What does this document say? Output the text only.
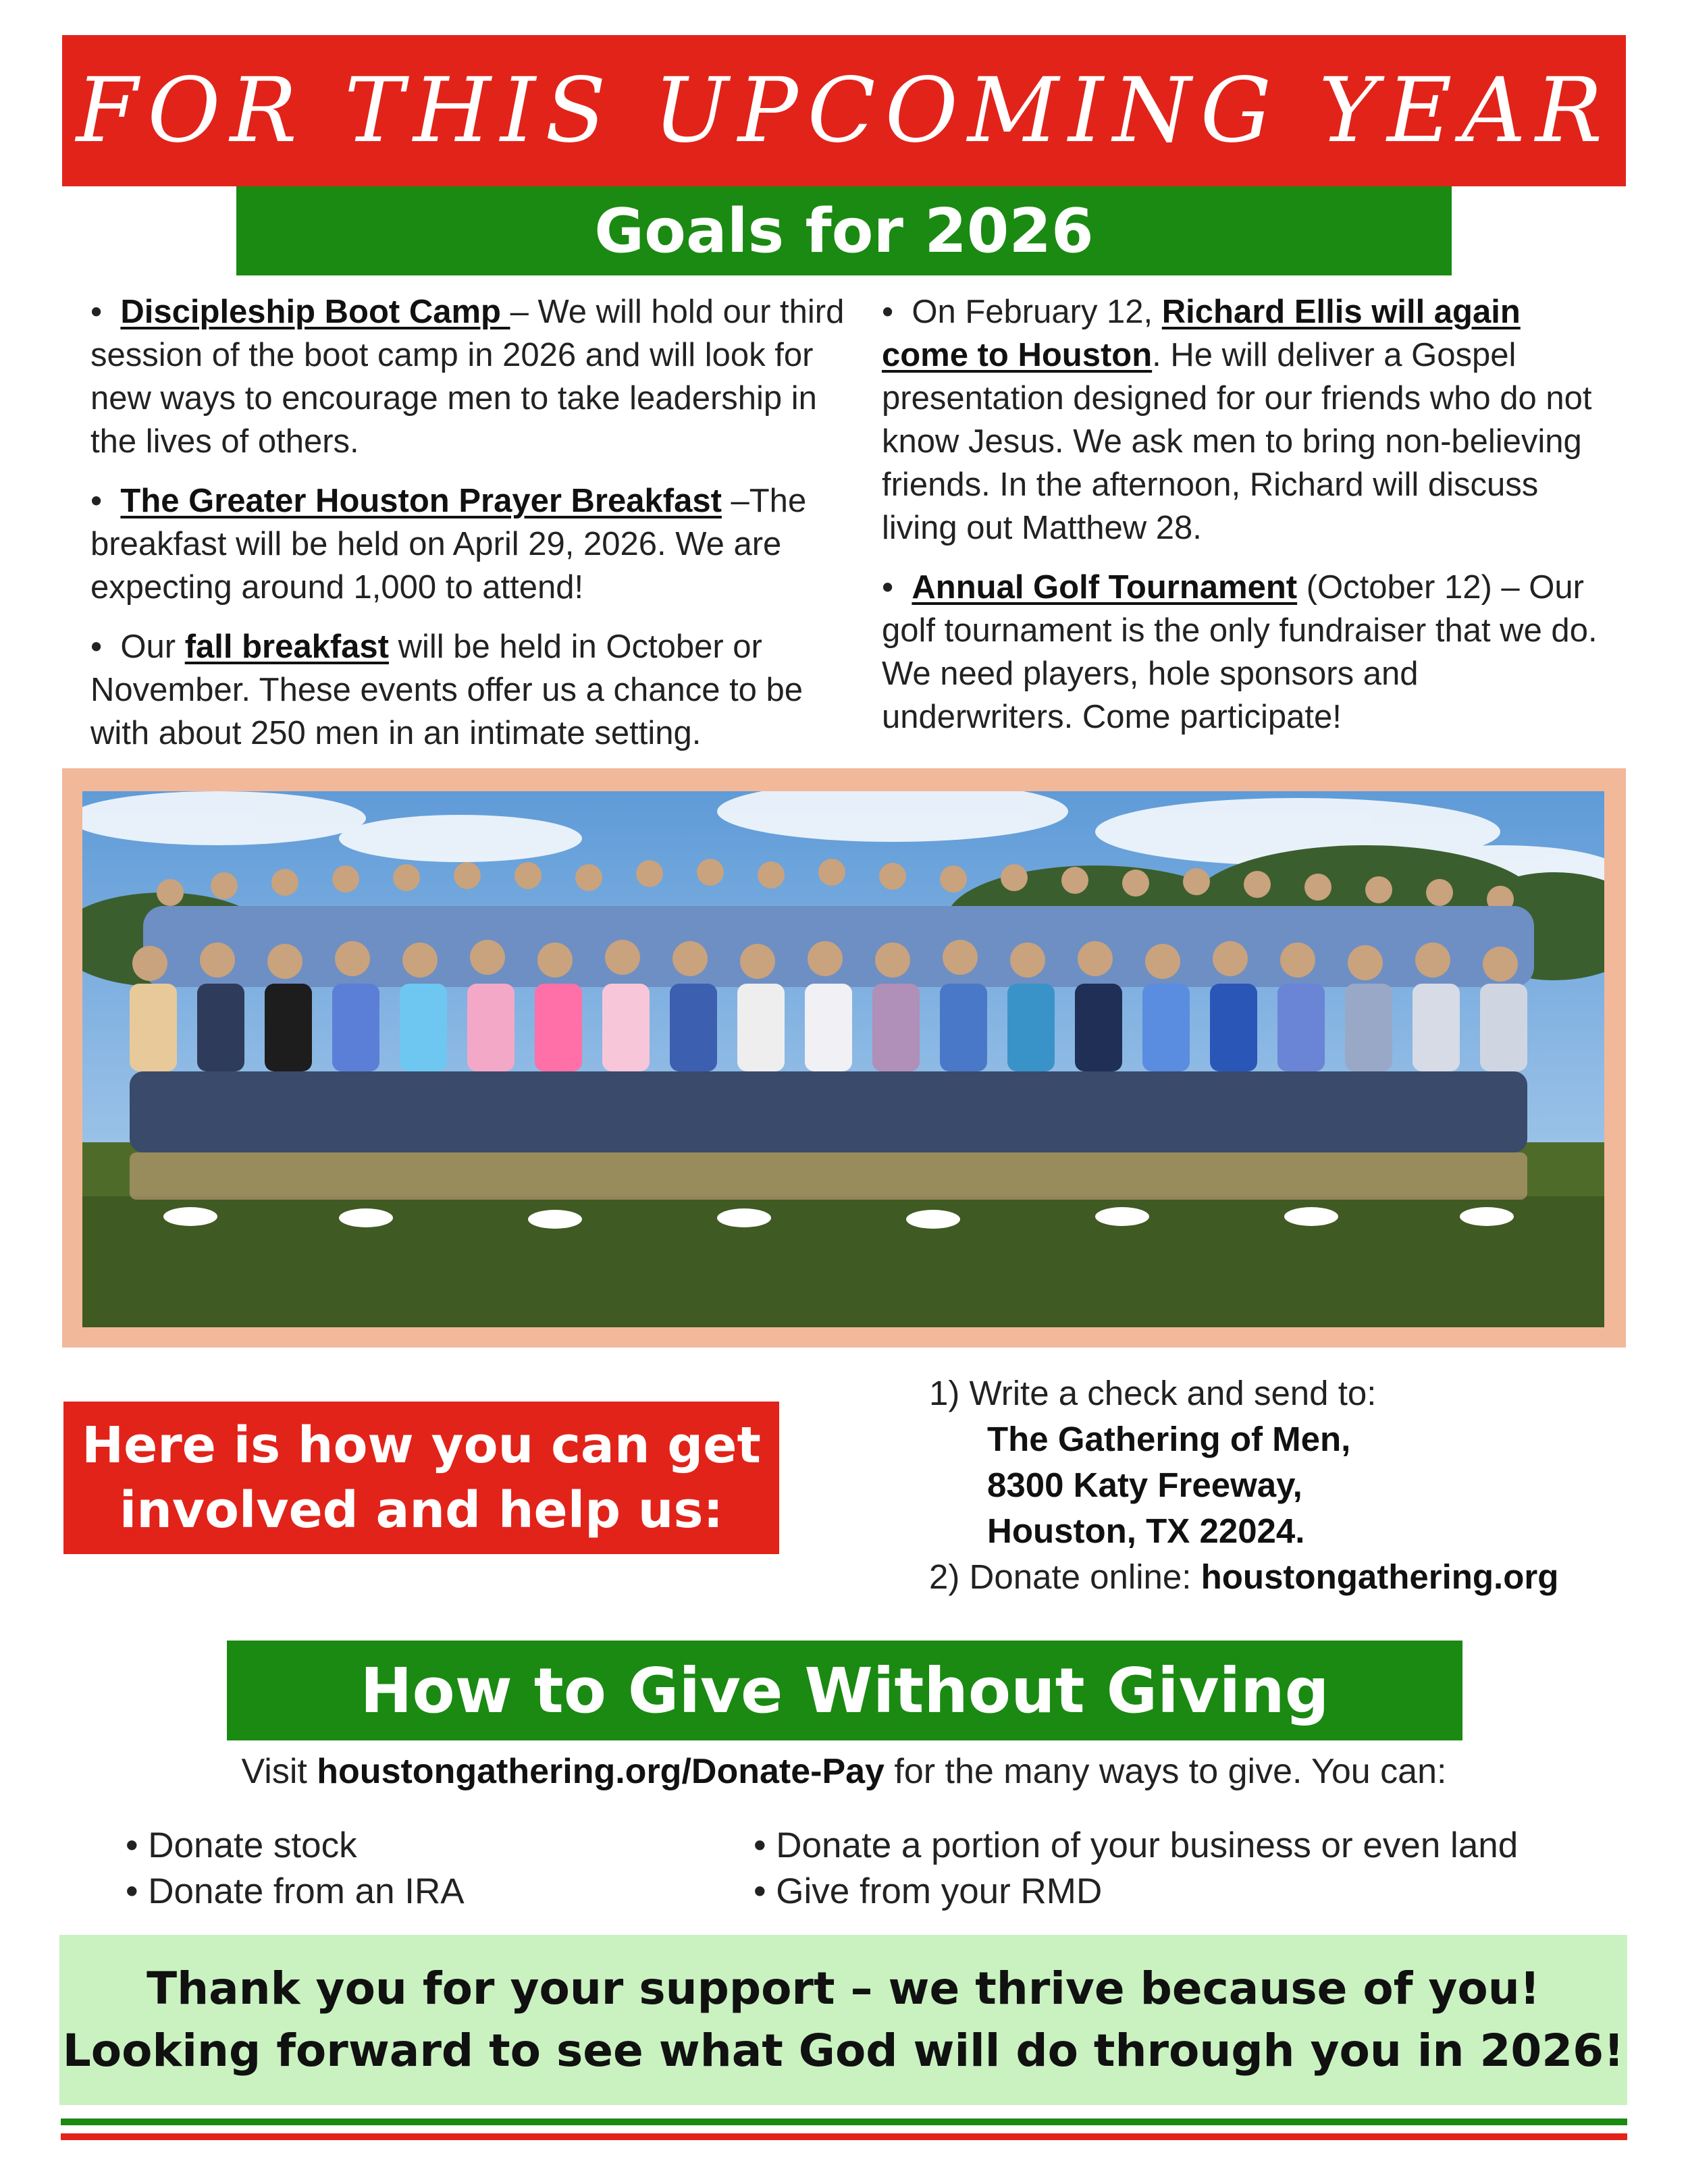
FOR THIS UPCOMING YEAR
Goals for 2026

• Discipleship Boot Camp – We will hold our third session of the boot camp in 2026 and will look for new ways to encourage men to take leadership in the lives of others.

• The Greater Houston Prayer Breakfast –The breakfast will be held on April 29, 2026. We are expecting around 1,000 to attend!

• Our fall breakfast will be held in October or November. These events offer us a chance to be with about 250 men in an intimate setting.

• On February 12, Richard Ellis will again come to Houston. He will deliver a Gospel presentation designed for our friends who do not know Jesus. We ask men to bring non-believing friends. In the afternoon, Richard will discuss living out Matthew 28.

• Annual Golf Tournament (October 12) – Our golf tournament is the only fundraiser that we do. We need players, hole sponsors and underwriters. Come participate!

Here is how you can get
involved and help us:
1) Write a check and send to:
The Gathering of Men,
8300 Katy Freeway,
Houston, TX 22024.
2) Donate online: houstongathering.org
How to Give Without Giving
Visit houstongathering.org/Donate-Pay for the many ways to give. You can:
• Donate stock
• Donate from an IRA
• Donate a portion of your business or even land
• Give from your RMD
Thank you for your support – we thrive because of you!
Looking forward to see what God will do through you in 2026!
